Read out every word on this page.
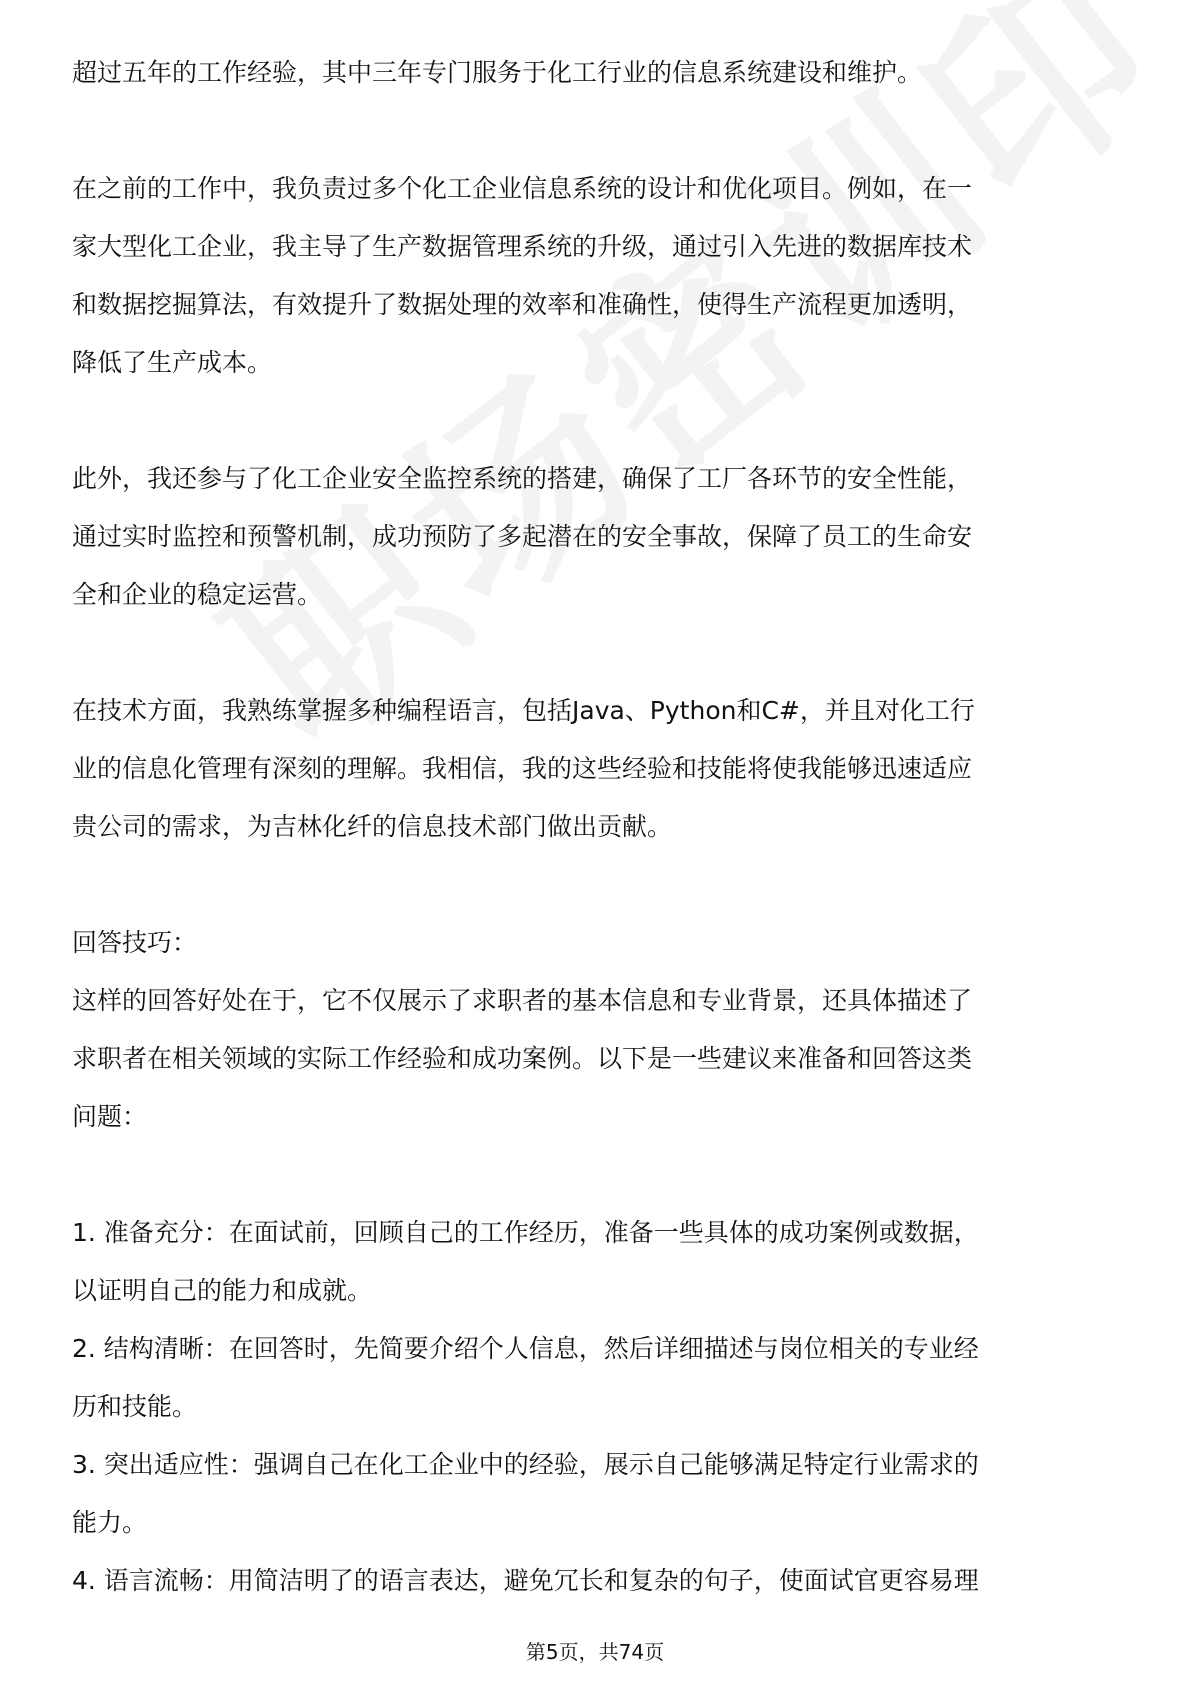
超过五年的工作经验，其中三年专门服务于化工行业的信息系统建设和维护。
在之前的工作中，我负责过多个化工企业信息系统的设计和优化项目。例如，在一
家大型化工企业，我主导了生产数据管理系统的升级，通过引入先进的数据库技术
和数据挖掘算法，有效提升了数据处理的效率和准确性，使得生产流程更加透明，
降低了生产成本。
此外，我还参与了化工企业安全监控系统的搭建，确保了工厂各环节的安全性能，
通过实时监控和预警机制，成功预防了多起潜在的安全事故，保障了员工的生命安
全和企业的稳定运营。
在技术方面，我熟练掌握多种编程语言，包括Java、Python和C#，并且对化工行
业的信息化管理有深刻的理解。我相信，我的这些经验和技能将使我能够迅速适应
贵公司的需求，为吉林化纤的信息技术部门做出贡献。
回答技巧：
这样的回答好处在于，它不仅展示了求职者的基本信息和专业背景，还具体描述了
求职者在相关领域的实际工作经验和成功案例。以下是一些建议来准备和回答这类
问题：
1. 准备充分：在面试前，回顾自己的工作经历，准备一些具体的成功案例或数据，
以证明自己的能力和成就。
2. 结构清晰：在回答时，先简要介绍个人信息，然后详细描述与岗位相关的专业经
历和技能。
3. 突出适应性：强调自己在化工企业中的经验，展示自己能够满足特定行业需求的
能力。
4. 语言流畅：用简洁明了的语言表达，避免冗长和复杂的句子，使面试官更容易理
第5页，共74页
